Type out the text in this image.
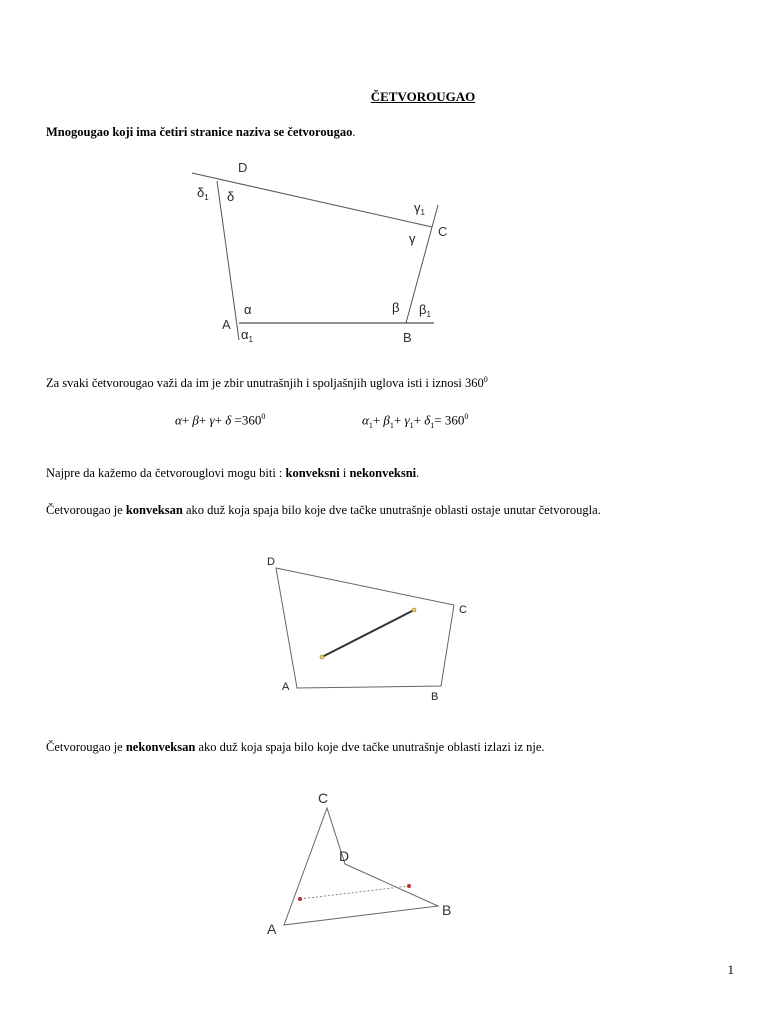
ČETVOROUGAO
Mnogougao koji ima četiri stranice naziva se četvorougao.
D
C
A
B
$\delta_1$ δ
$\gamma_1$
γ
α
$\alpha_1$
β $\beta_1$
Za svaki četvorougao važi da im je zbir unutrašnjih i spoljašnjih uglova isti i iznosi $360^0$
$\alpha+ \beta+ \gamma+ \delta =360^0$	$\alpha_1+ \beta_1+ \gamma_1+ \delta_1= 360^0$
Najpre da kažemo da četvorouglovi mogu biti : konveksni i nekonveksni.
Četvorougao je konveksan ako duž koja spaja bilo koje dve tačke unutrašnje oblasti ostaje unutar četvorougla.
D
C
A
B
Četvorougao je nekonveksan ako duž koja spaja bilo koje dve tačke unutrašnje oblasti izlazi iz nje.
C
D
B
A
1
